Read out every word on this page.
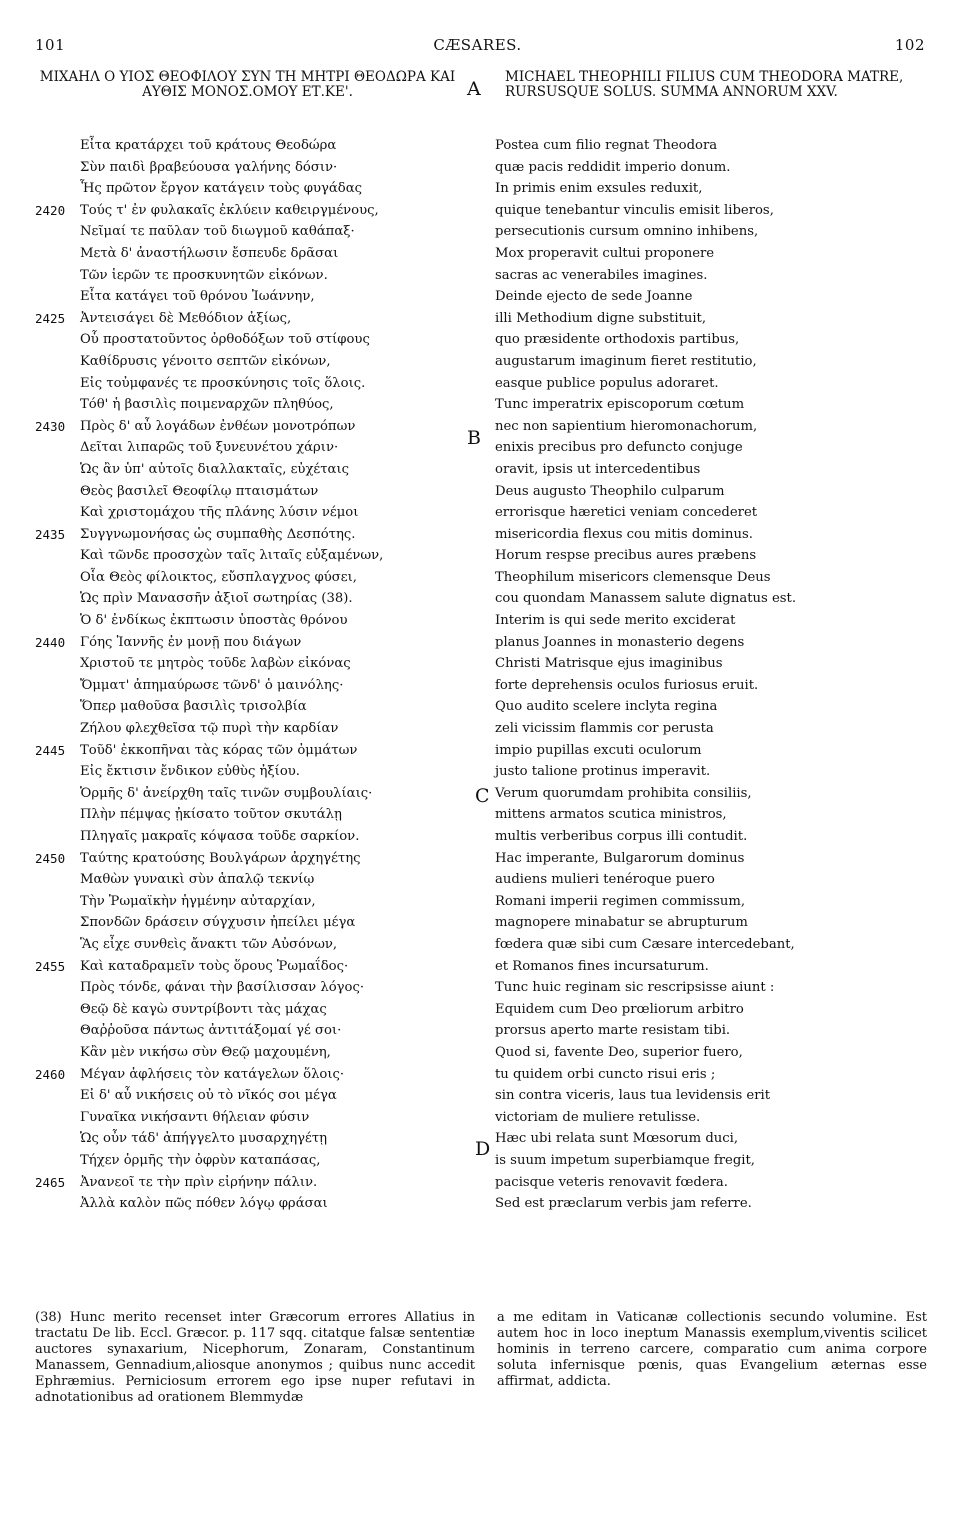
101	CÆSARES.	102
ΜΙΧΑΗΛ Ο ΥΙΟΣ ΘΕΟΦΙΛΟΥ ΣΥΝ ΤΗ ΜΗΤΡΙ ΘΕΟΔΩΡΑ ΚΑΙ ΑΥΘΙΣ ΜΟΝΟΣ.ΟΜΟΥ ΕΤ.ΚΕ'.
MICHAEL THEOPHILI FILIUS CUM THEODORA MATRE, RURSUSQUE SOLUS. SUMMA ANNORUM XXV.
A
B
C
D
Εἶτα κρατάρχει τοῦ κράτους Θεοδώρα
Σὺν παιδὶ βραβεύουσα γαλήνης δόσιν·
Ἧς πρῶτον ἔργον κατάγειν τοὺς φυγάδας
2420	Τούς τ' ἐν φυλακαῖς ἐκλύειν καθειργμένους,
Νεῖμαί τε παῦλαν τοῦ διωγμοῦ καθάπαξ·
Μετὰ δ' ἀναστήλωσιν ἔσπευδε δρᾶσαι
Τῶν ἱερῶν τε προσκυνητῶν εἰκόνων.
Εἶτα κατάγει τοῦ θρόνου Ἰωάννην,
2425	Ἀντεισάγει δὲ Μεθόδιον ἀξίως,
Οὗ προστατοῦντος ὀρθοδόξων τοῦ στίφους
Καθίδρυσις γένοιτο σεπτῶν εἰκόνων,
Εἰς τοὐμφανές τε προσκύνησις τοῖς ὅλοις.
Τόθ' ἡ βασιλὶς ποιμεναρχῶν πληθύος,
2430	Πρὸς δ' αὖ λογάδων ἐνθέων μονοτρόπων
Δεῖται λιπαρῶς τοῦ ξυνευνέτου χάριν·
Ὡς ἂν ὑπ' αὐτοῖς διαλλακταῖς, εὐχέταις
Θεὸς βασιλεῖ Θεοφίλῳ πταισμάτων
Καὶ χριστομάχου τῆς πλάνης λύσιν νέμοι
2435	Συγγνωμονήσας ὡς συμπαθὴς Δεσπότης.
Καὶ τῶνδε προσσχὼν ταῖς λιταῖς εὐξαμένων,
Οἷα Θεὸς φίλοικτος, εὔσπλαγχνος φύσει,
Ὡς πρὶν Μανασσῆν ἀξιοῖ σωτηρίας (38).
Ὁ δ' ἐνδίκως ἐκπτωσιν ὑποστὰς θρόνου
2440	Γόης Ἰαννῆς ἐν μονῇ που διάγων
Χριστοῦ τε μητρὸς τοῦδε λαβὼν εἰκόνας
Ὄμματ' ἀπημαύρωσε τῶνδ' ὁ μαινόλης·
Ὅπερ μαθοῦσα βασιλὶς τρισολβία
Ζήλου φλεχθεῖσα τῷ πυρὶ τὴν καρδίαν
2445	Τοῦδ' ἐκκοπῆναι τὰς κόρας τῶν ὀμμάτων
Εἰς ἔκτισιν ἔνδικον εὐθὺς ἠξίου.
Ὁρμῆς δ' ἀνείρχθη ταῖς τινῶν συμβουλίαις·
Πλὴν πέμψας ᾐκίσατο τοῦτον σκυτάλῃ
Πληγαῖς μακραῖς κόψασα τοῦδε σαρκίον.
2450	Ταύτης κρατούσης Βουλγάρων ἀρχηγέτης
Μαθὼν γυναικὶ σὺν ἁπαλῷ τεκνίῳ
Τὴν Ῥωμαϊκὴν ἡγμένην αὐταρχίαν,
Σπονδῶν δράσειν σύγχυσιν ἠπείλει μέγα
Ἃς εἶχε συνθεὶς ἄνακτι τῶν Αὐσόνων,
2455	Καὶ καταδραμεῖν τοὺς ὅρους Ῥωμαΐδος·
Πρὸς τόνδε, φάναι τὴν βασίλισσαν λόγος·
Θεῷ δὲ καγὼ συντρίβοντι τὰς μάχας
Θαῤῥοῦσα πάντως ἀντιτάξομαί γέ σοι·
Κἂν μὲν νικήσω σὺν Θεῷ μαχουμένη,
2460	Μέγαν ἀφλήσεις τὸν κατάγελων ὅλοις·
Εἰ δ' αὖ νικήσεις οὐ τὸ νῖκός σοι μέγα
Γυναῖκα νικήσαντι θήλειαν φύσιν
Ὡς οὖν τάδ' ἀπήγγελτο μυσαρχηγέτῃ
Τήχεν ὁρμῆς τὴν ὀφρὺν καταπάσας,
2465	Ἀνανεοῖ τε τὴν πρὶν εἰρήνην πάλιν.
Ἀλλὰ καλὸν πῶς πόθεν λόγῳ φράσαι
Postea cum filio regnat Theodora
quæ pacis reddidit imperio donum.
In primis enim exsules reduxit,
quique tenebantur vinculis emisit liberos,
persecutionis cursum omnino inhibens,
Mox properavit cultui proponere
sacras ac venerabiles imagines.
Deinde ejecto de sede Joanne
illi Methodium digne substituit,
quo præsidente orthodoxis partibus,
augustarum imaginum fieret restitutio,
easque publice populus adoraret.
Tunc imperatrix episcoporum cœtum
nec non sapientium hieromonachorum,
enixis precibus pro defuncto conjuge
oravit, ipsis ut intercedentibus
Deus augusto Theophilo culparum
errorisque hæretici veniam concederet
misericordia flexus cou mitis dominus.
Horum respse precibus aures præbens
Theophilum misericors clemensque Deus
cou quondam Manassem salute dignatus est.
Interim is qui sede merito exciderat
planus Joannes in monasterio degens
Christi Matrisque ejus imaginibus
forte deprehensis oculos furiosus eruit.
Quo audito scelere inclyta regina
zeli vicissim flammis cor perusta
impio pupillas excuti oculorum
justo talione protinus imperavit.
Verum quorumdam prohibita consiliis,
mittens armatos scutica ministros,
multis verberibus corpus illi contudit.
Hac imperante, Bulgarorum dominus
audiens mulieri tenéroque puero
Romani imperii regimen commissum,
magnopere minabatur se abrupturum
fœdera quæ sibi cum Cæsare intercedebant,
et Romanos fines incursaturum.
Tunc huic reginam sic rescripsisse aiunt :
Equidem cum Deo prœliorum arbitro
prorsus aperto marte resistam tibi.
Quod si, favente Deo, superior fuero,
tu quidem orbi cuncto risui eris ;
sin contra viceris, laus tua levidensis erit
victoriam de muliere retulisse.
Hæc ubi relata sunt Mœsorum duci,
is suum impetum superbiamque fregit,
pacisque veteris renovavit fœdera.
Sed est præclarum verbis jam referre.
(38) Hunc merito recenset inter Græcorum errores Allatius in tractatu De lib. Eccl. Græcor. p. 117 sqq. citatque falsæ sententiæ auctores synaxarium, Nicephorum, Zonaram, Constantinum Manassem, Gennadium,aliosque anonymos ; quibus nunc accedit Ephræmius. Perniciosum errorem ego ipse nuper refutavi in adnotationibus ad orationem Blemmydæ
a me editam in Vaticanæ collectionis secundo volumine. Est autem hoc in loco ineptum Manassis exemplum,viventis scilicet hominis in terreno carcere, comparatio cum anima corpore soluta infernisque pœnis, quas Evangelium æternas esse affirmat, addicta.
